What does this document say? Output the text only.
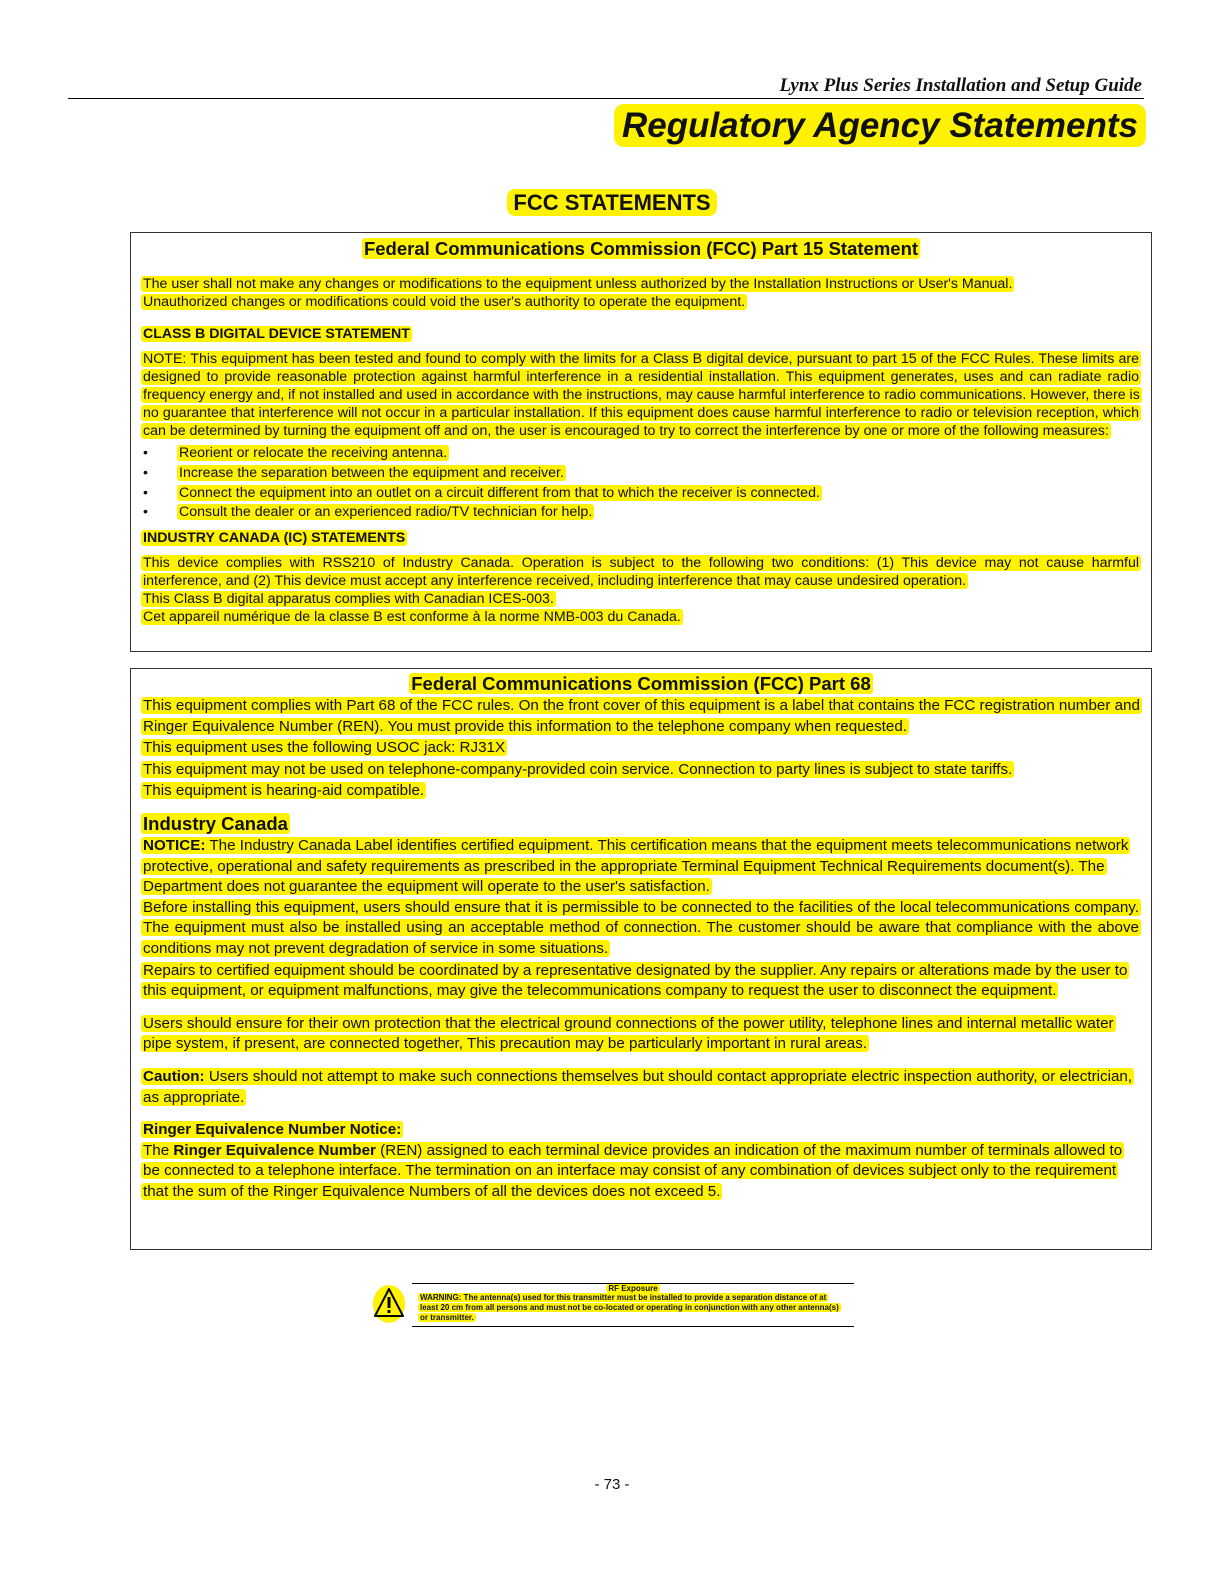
Lynx Plus Series Installation and Setup Guide
Regulatory Agency Statements
FCC STATEMENTS
Federal Communications Commission (FCC) Part 15 Statement

The user shall not make any changes or modifications to the equipment unless authorized by the Installation Instructions or User's Manual.
Unauthorized changes or modifications could void the user's authority to operate the equipment.

CLASS B DIGITAL DEVICE STATEMENT

NOTE: This equipment has been tested and found to comply with the limits for a Class B digital device, pursuant to part 15 of the FCC Rules. These limits are designed to provide reasonable protection against harmful interference in a residential installation. This equipment generates, uses and can radiate radio frequency energy and, if not installed and used in accordance with the instructions, may cause harmful interference to radio communications. However, there is no guarantee that interference will not occur in a particular installation. If this equipment does cause harmful interference to radio or television reception, which can be determined by turning the equipment off and on, the user is encouraged to try to correct the interference by one or more of the following measures:

• Reorient or relocate the receiving antenna.
• Increase the separation between the equipment and receiver.
• Connect the equipment into an outlet on a circuit different from that to which the receiver is connected.
• Consult the dealer or an experienced radio/TV technician for help.

INDUSTRY CANADA (IC) STATEMENTS

This device complies with RSS210 of Industry Canada. Operation is subject to the following two conditions: (1) This device may not cause harmful interference, and (2) This device must accept any interference received, including interference that may cause undesired operation.
This Class B digital apparatus complies with Canadian ICES-003.
Cet appareil numérique de la classe B est conforme à la norme NMB-003 du Canada.

Federal Communications Commission (FCC) Part 68

This equipment complies with Part 68 of the FCC rules. On the front cover of this equipment is a label that contains the FCC registration number and Ringer Equivalence Number (REN). You must provide this information to the telephone company when requested.

This equipment uses the following USOC jack: RJ31X

This equipment may not be used on telephone-company-provided coin service. Connection to party lines is subject to state tariffs.

This equipment is hearing-aid compatible.

Industry Canada

NOTICE: The Industry Canada Label identifies certified equipment. This certification means that the equipment meets telecommunications network protective, operational and safety requirements as prescribed in the appropriate Terminal Equipment Technical Requirements document(s). The Department does not guarantee the equipment will operate to the user's satisfaction.

Before installing this equipment, users should ensure that it is permissible to be connected to the facilities of the local telecommunications company. The equipment must also be installed using an acceptable method of connection. The customer should be aware that compliance with the above conditions may not prevent degradation of service in some situations.

Repairs to certified equipment should be coordinated by a representative designated by the supplier. Any repairs or alterations made by the user to this equipment, or equipment malfunctions, may give the telecommunications company to request the user to disconnect the equipment.

Users should ensure for their own protection that the electrical ground connections of the power utility, telephone lines and internal metallic water pipe system, if present, are connected together, This precaution may be particularly important in rural areas.

Caution: Users should not attempt to make such connections themselves but should contact appropriate electric inspection authority, or electrician, as appropriate.

Ringer Equivalence Number Notice:

The Ringer Equivalence Number (REN) assigned to each terminal device provides an indication of the maximum number of terminals allowed to be connected to a telephone interface. The termination on an interface may consist of any combination of devices subject only to the requirement that the sum of the Ringer Equivalence Numbers of all the devices does not exceed 5.

RF Exposure
WARNING: The antenna(s) used for this transmitter must be installed to provide a separation distance of at least 20 cm from all persons and must not be co-located or operating in conjunction with any other antenna(s) or transmitter.
- 73 -
